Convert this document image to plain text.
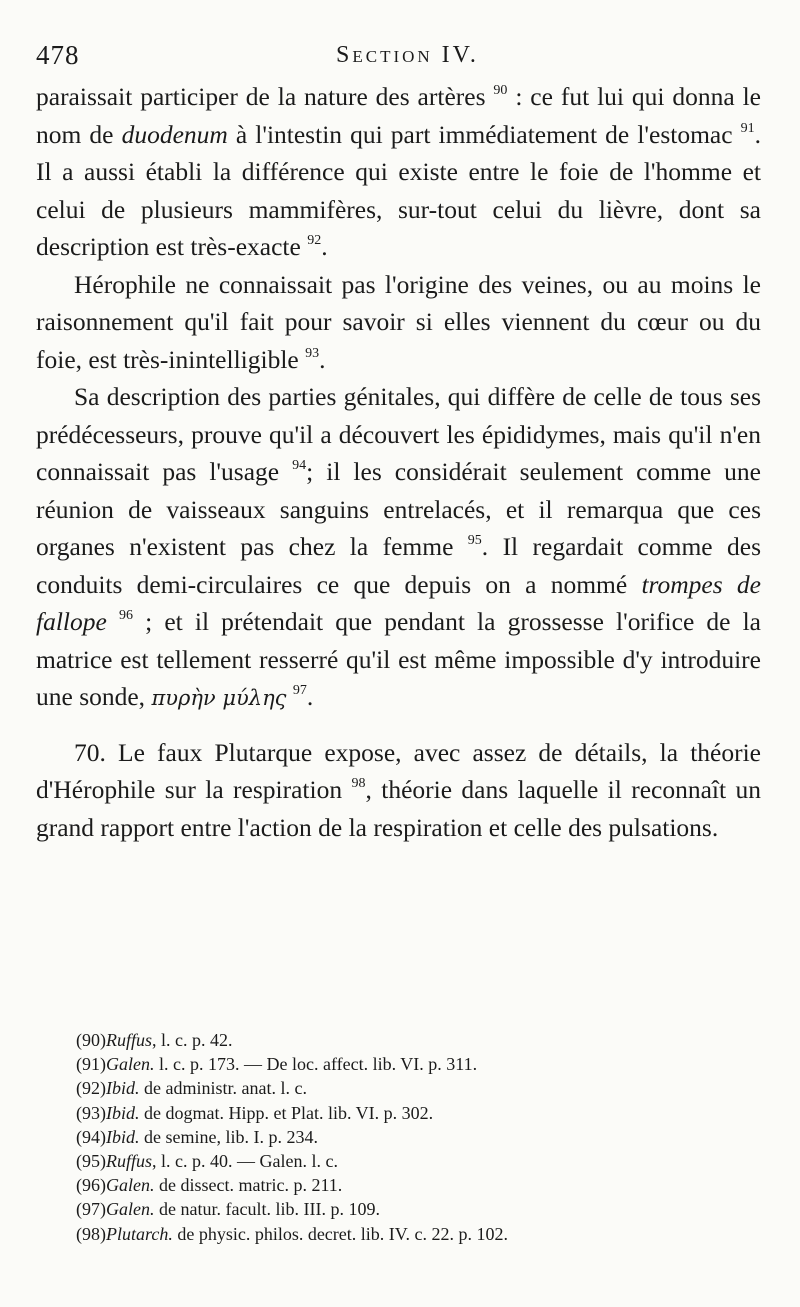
478	Section IV.

paraissait participer de la nature des artères $^{90}$ : ce fut lui qui donna le nom de duodenum à l'intestin qui part immédiatement de l'estomac $^{91}$. Il a aussi établi la différence qui existe entre le foie de l'homme et celui de plusieurs mammifères, sur-tout celui du lièvre, dont sa description est très-exacte $^{92}$.

Hérophile ne connaissait pas l'origine des veines, ou au moins le raisonnement qu'il fait pour savoir si elles viennent du cœur ou du foie, est très-inintelligible $^{93}$.

Sa description des parties génitales, qui diffère de celle de tous ses prédécesseurs, prouve qu'il a découvert les épididymes, mais qu'il n'en connaissait pas l'usage $^{94}$; il les considérait seulement comme une réunion de vaisseaux sanguins entrelacés, et il remarqua que ces organes n'existent pas chez la femme $^{95}$. Il regardait comme des conduits demi-circulaires ce que depuis on a nommé trompes de fallope $^{96}$ ; et il prétendait que pendant la grossesse l'orifice de la matrice est tellement resserré qu'il est même impossible d'y introduire une sonde, πυρὴν μύλης $^{97}$.

70. Le faux Plutarque expose, avec assez de détails, la théorie d'Hérophile sur la respiration $^{98}$, théorie dans laquelle il reconnaît un grand rapport entre l'action de la respiration et celle des pulsations.

(90)Ruffus, l. c. p. 42.

(91)Galen. l. c. p. 173. — De loc. affect. lib. VI. p. 311.

(92)Ibid. de administr. anat. l. c.

(93)Ibid. de dogmat. Hipp. et Plat. lib. VI. p. 302.

(94)Ibid. de semine, lib. I. p. 234.

(95)Ruffus, l. c. p. 40. — Galen. l. c.

(96)Galen. de dissect. matric. p. 211.

(97)Galen. de natur. facult. lib. III. p. 109.

(98)Plutarch. de physic. philos. decret. lib. IV. c. 22. p. 102.
